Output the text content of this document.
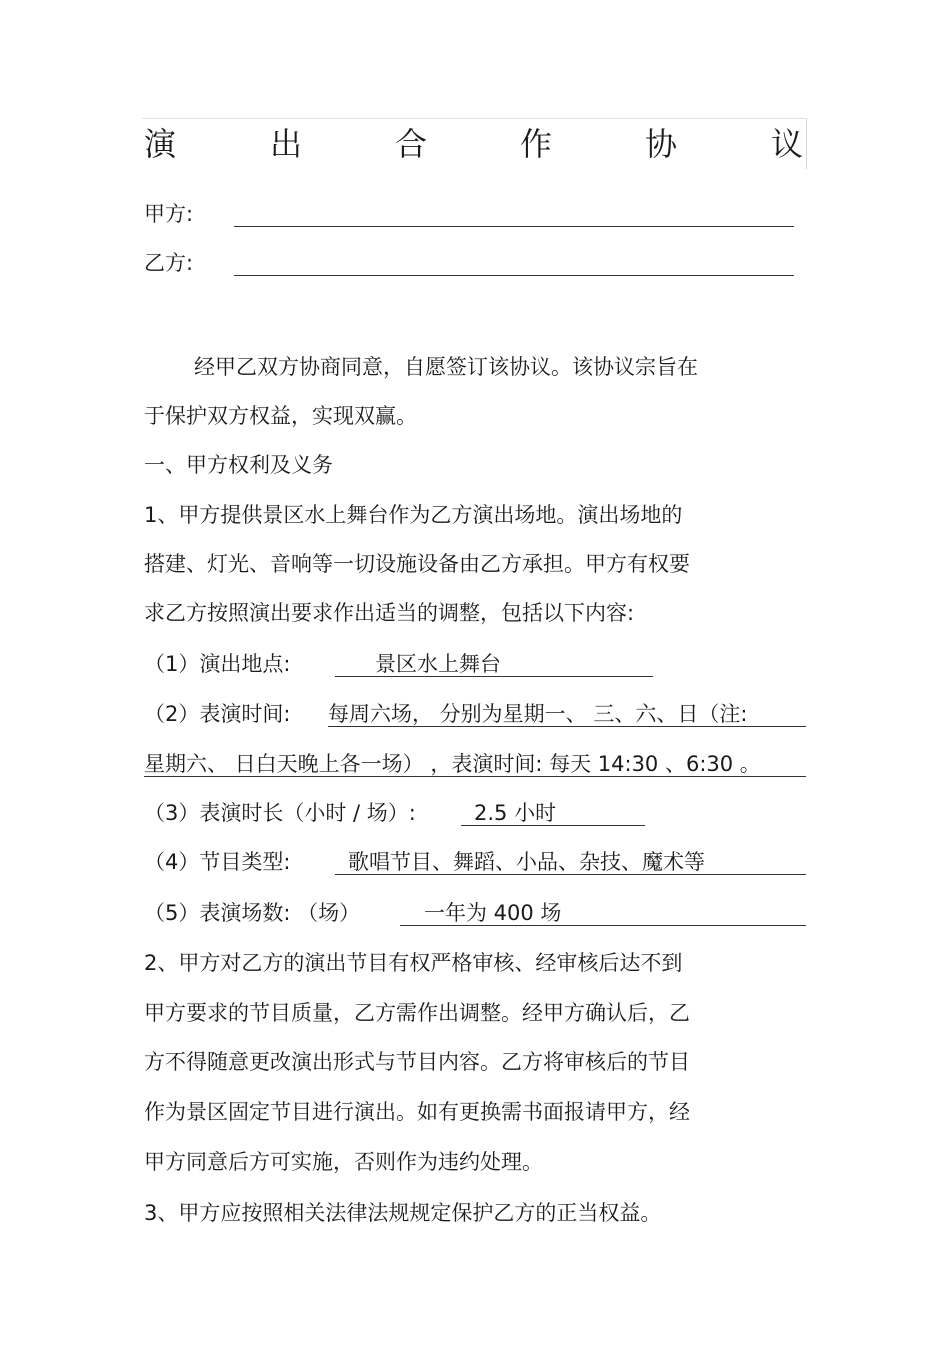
演	出	合	作	协	议
甲方:
乙方:
经甲乙双方协商同意，自愿签订该协议。该协议宗旨在
于保护双方权益，实现双赢。
一、甲方权利及义务
1、甲方提供景区水上舞台作为乙方演出场地。演出场地的
搭建、灯光、音响等一切设施设备由乙方承担。甲方有权要
求乙方按照演出要求作出适当的调整，包括以下内容:
（1）演出地点:	景区水上舞台
（2）表演时间: 每周六场， 分别为星期一、 三、六、日（注:
星期六、 日白天晚上各一场） ，表演时间: 每天 14:30 、6:30 。
（3）表演时长（小时 / 场）:	2.5 小时
（4）节目类型:	歌唱节目、舞蹈、小品、杂技、魔术等
（5）表演场数: （场）	一年为 400 场
2、甲方对乙方的演出节目有权严格审核、经审核后达不到
甲方要求的节目质量，乙方需作出调整。经甲方确认后，乙
方不得随意更改演出形式与节目内容。乙方将审核后的节目
作为景区固定节目进行演出。如有更换需书面报请甲方，经
甲方同意后方可实施，否则作为违约处理。
3、甲方应按照相关法律法规规定保护乙方的正当权益。
